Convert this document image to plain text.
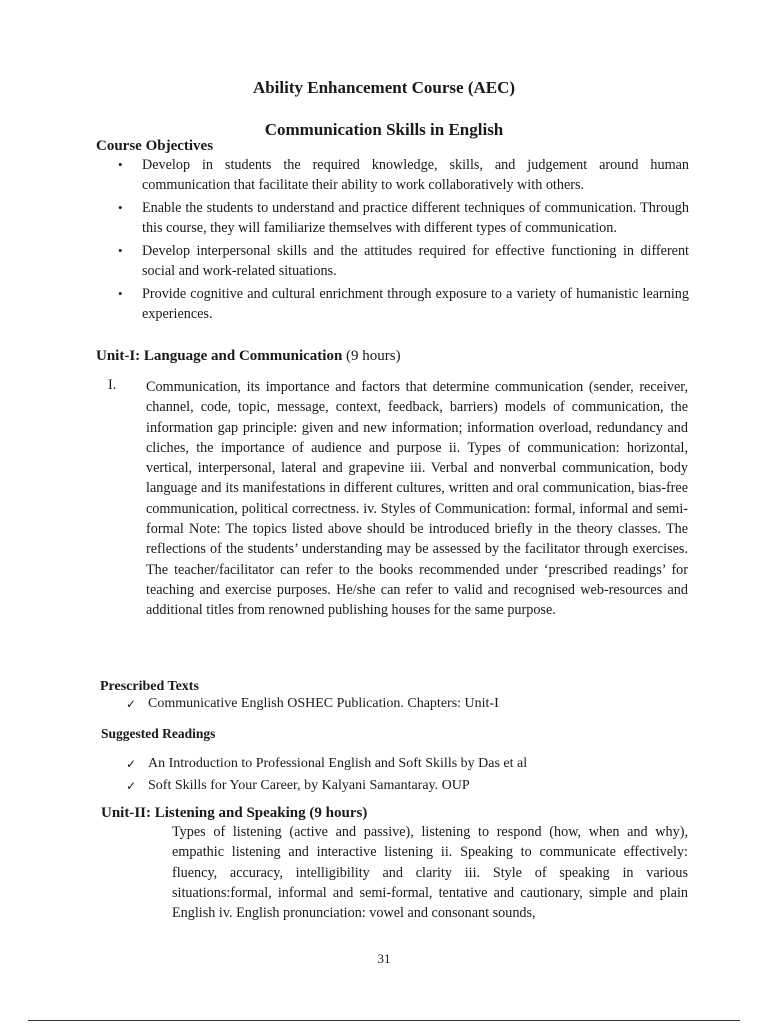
Ability Enhancement Course (AEC)
Communication Skills in English
Course Objectives
• Develop in students the required knowledge, skills, and judgement around human communication that facilitate their ability to work collaboratively with others.
• Enable the students to understand and practice different techniques of communication. Through this course, they will familiarize themselves with different types of communication.
• Develop interpersonal skills and the attitudes required for effective functioning in different social and work-related situations.
• Provide cognitive and cultural enrichment through exposure to a variety of humanistic learning experiences.
Unit-I: Language and Communication (9 hours)
I. Communication, its importance and factors that determine communication (sender, receiver, channel, code, topic, message, context, feedback, barriers) models of communication, the information gap principle: given and new information; information overload, redundancy and cliches, the importance of audience and purpose ii. Types of communication: horizontal, vertical, interpersonal, lateral and grapevine iii. Verbal and nonverbal communication, body language and its manifestations in different cultures, written and oral communication, bias-free communication, political correctness. iv. Styles of Communication: formal, informal and semi-formal Note: The topics listed above should be introduced briefly in the theory classes. The reflections of the students’ understanding may be assessed by the facilitator through exercises. The teacher/facilitator can refer to the books recommended under ‘prescribed readings’ for teaching and exercise purposes. He/she can refer to valid and recognised web-resources and additional titles from renowned publishing houses for the same purpose.
Prescribed Texts
✓ Communicative English OSHEC Publication. Chapters: Unit-I
Suggested Readings
✓ An Introduction to Professional English and Soft Skills by Das et al
✓ Soft Skills for Your Career, by Kalyani Samantaray. OUP
Unit-II: Listening and Speaking (9 hours)
Types of listening (active and passive), listening to respond (how, when and why), empathic listening and interactive listening ii. Speaking to communicate effectively: fluency, accuracy, intelligibility and clarity iii. Style of speaking in various situations:formal, informal and semi-formal, tentative and cautionary, simple and plain English iv. English pronunciation: vowel and consonant sounds,
31
